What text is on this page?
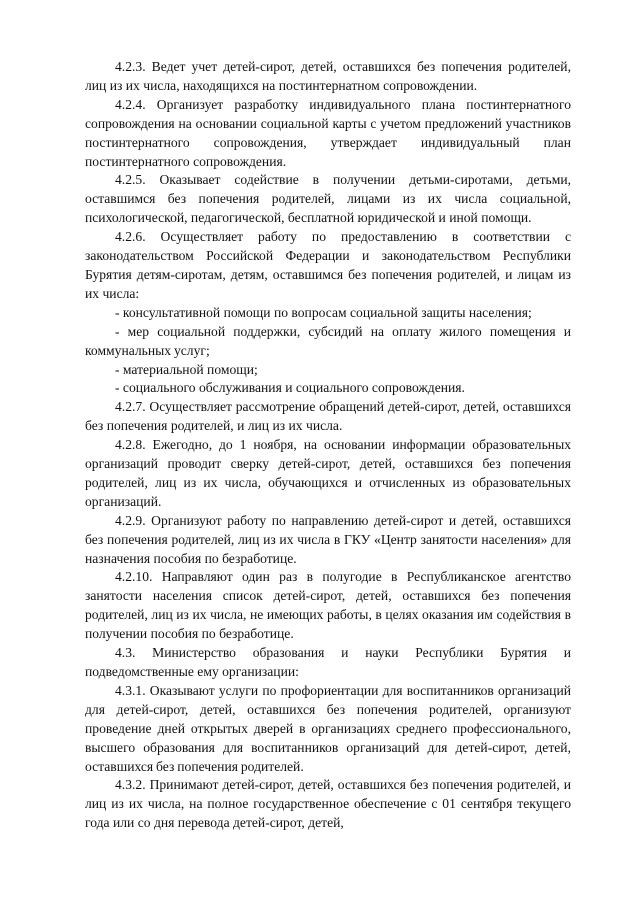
4.2.3. Ведет учет детей-сирот, детей, оставшихся без попечения родителей, лиц из их числа, находящихся на постинтернатном сопровождении.

4.2.4. Организует разработку индивидуального плана постинтернатного сопровождения на основании социальной карты с учетом предложений участников постинтернатного сопровождения, утверждает индивидуальный план постинтернатного сопровождения.

4.2.5. Оказывает содействие в получении детьми-сиротами, детьми, оставшимся без попечения родителей, лицами из их числа социальной, психологической, педагогической, бесплатной юридической и иной помощи.

4.2.6. Осуществляет работу по предоставлению в соответствии с законодательством Российской Федерации и законодательством Республики Бурятия детям-сиротам, детям, оставшимся без попечения родителей, и лицам из их числа:

- консультативной помощи по вопросам социальной защиты населения;

- мер социальной поддержки, субсидий на оплату жилого помещения и коммунальных услуг;

- материальной помощи;

- социального обслуживания и социального сопровождения.

4.2.7. Осуществляет рассмотрение обращений детей-сирот, детей, оставшихся без попечения родителей, и лиц из их числа.

4.2.8. Ежегодно, до 1 ноября, на основании информации образовательных организаций проводит сверку детей-сирот, детей, оставшихся без попечения родителей, лиц из их числа, обучающихся и отчисленных из образовательных организаций.

4.2.9. Организуют работу по направлению детей-сирот и детей, оставшихся без попечения родителей, лиц из их числа в ГКУ «Центр занятости населения» для назначения пособия по безработице.

4.2.10. Направляют один раз в полугодие в Республиканское агентство занятости населения список детей-сирот, детей, оставшихся без попечения родителей, лиц из их числа, не имеющих работы, в целях оказания им содействия в получении пособия по безработице.

4.3. Министерство образования и науки Республики Бурятия и подведомственные ему организации:

4.3.1. Оказывают услуги по профориентации для воспитанников организаций для детей-сирот, детей, оставшихся без попечения родителей, организуют проведение дней открытых дверей в организациях среднего профессионального, высшего образования для воспитанников организаций для детей-сирот, детей, оставшихся без попечения родителей.

4.3.2. Принимают детей-сирот, детей, оставшихся без попечения родителей, и лиц из их числа, на полное государственное обеспечение с 01 сентября текущего года или со дня перевода детей-сирот, детей,
